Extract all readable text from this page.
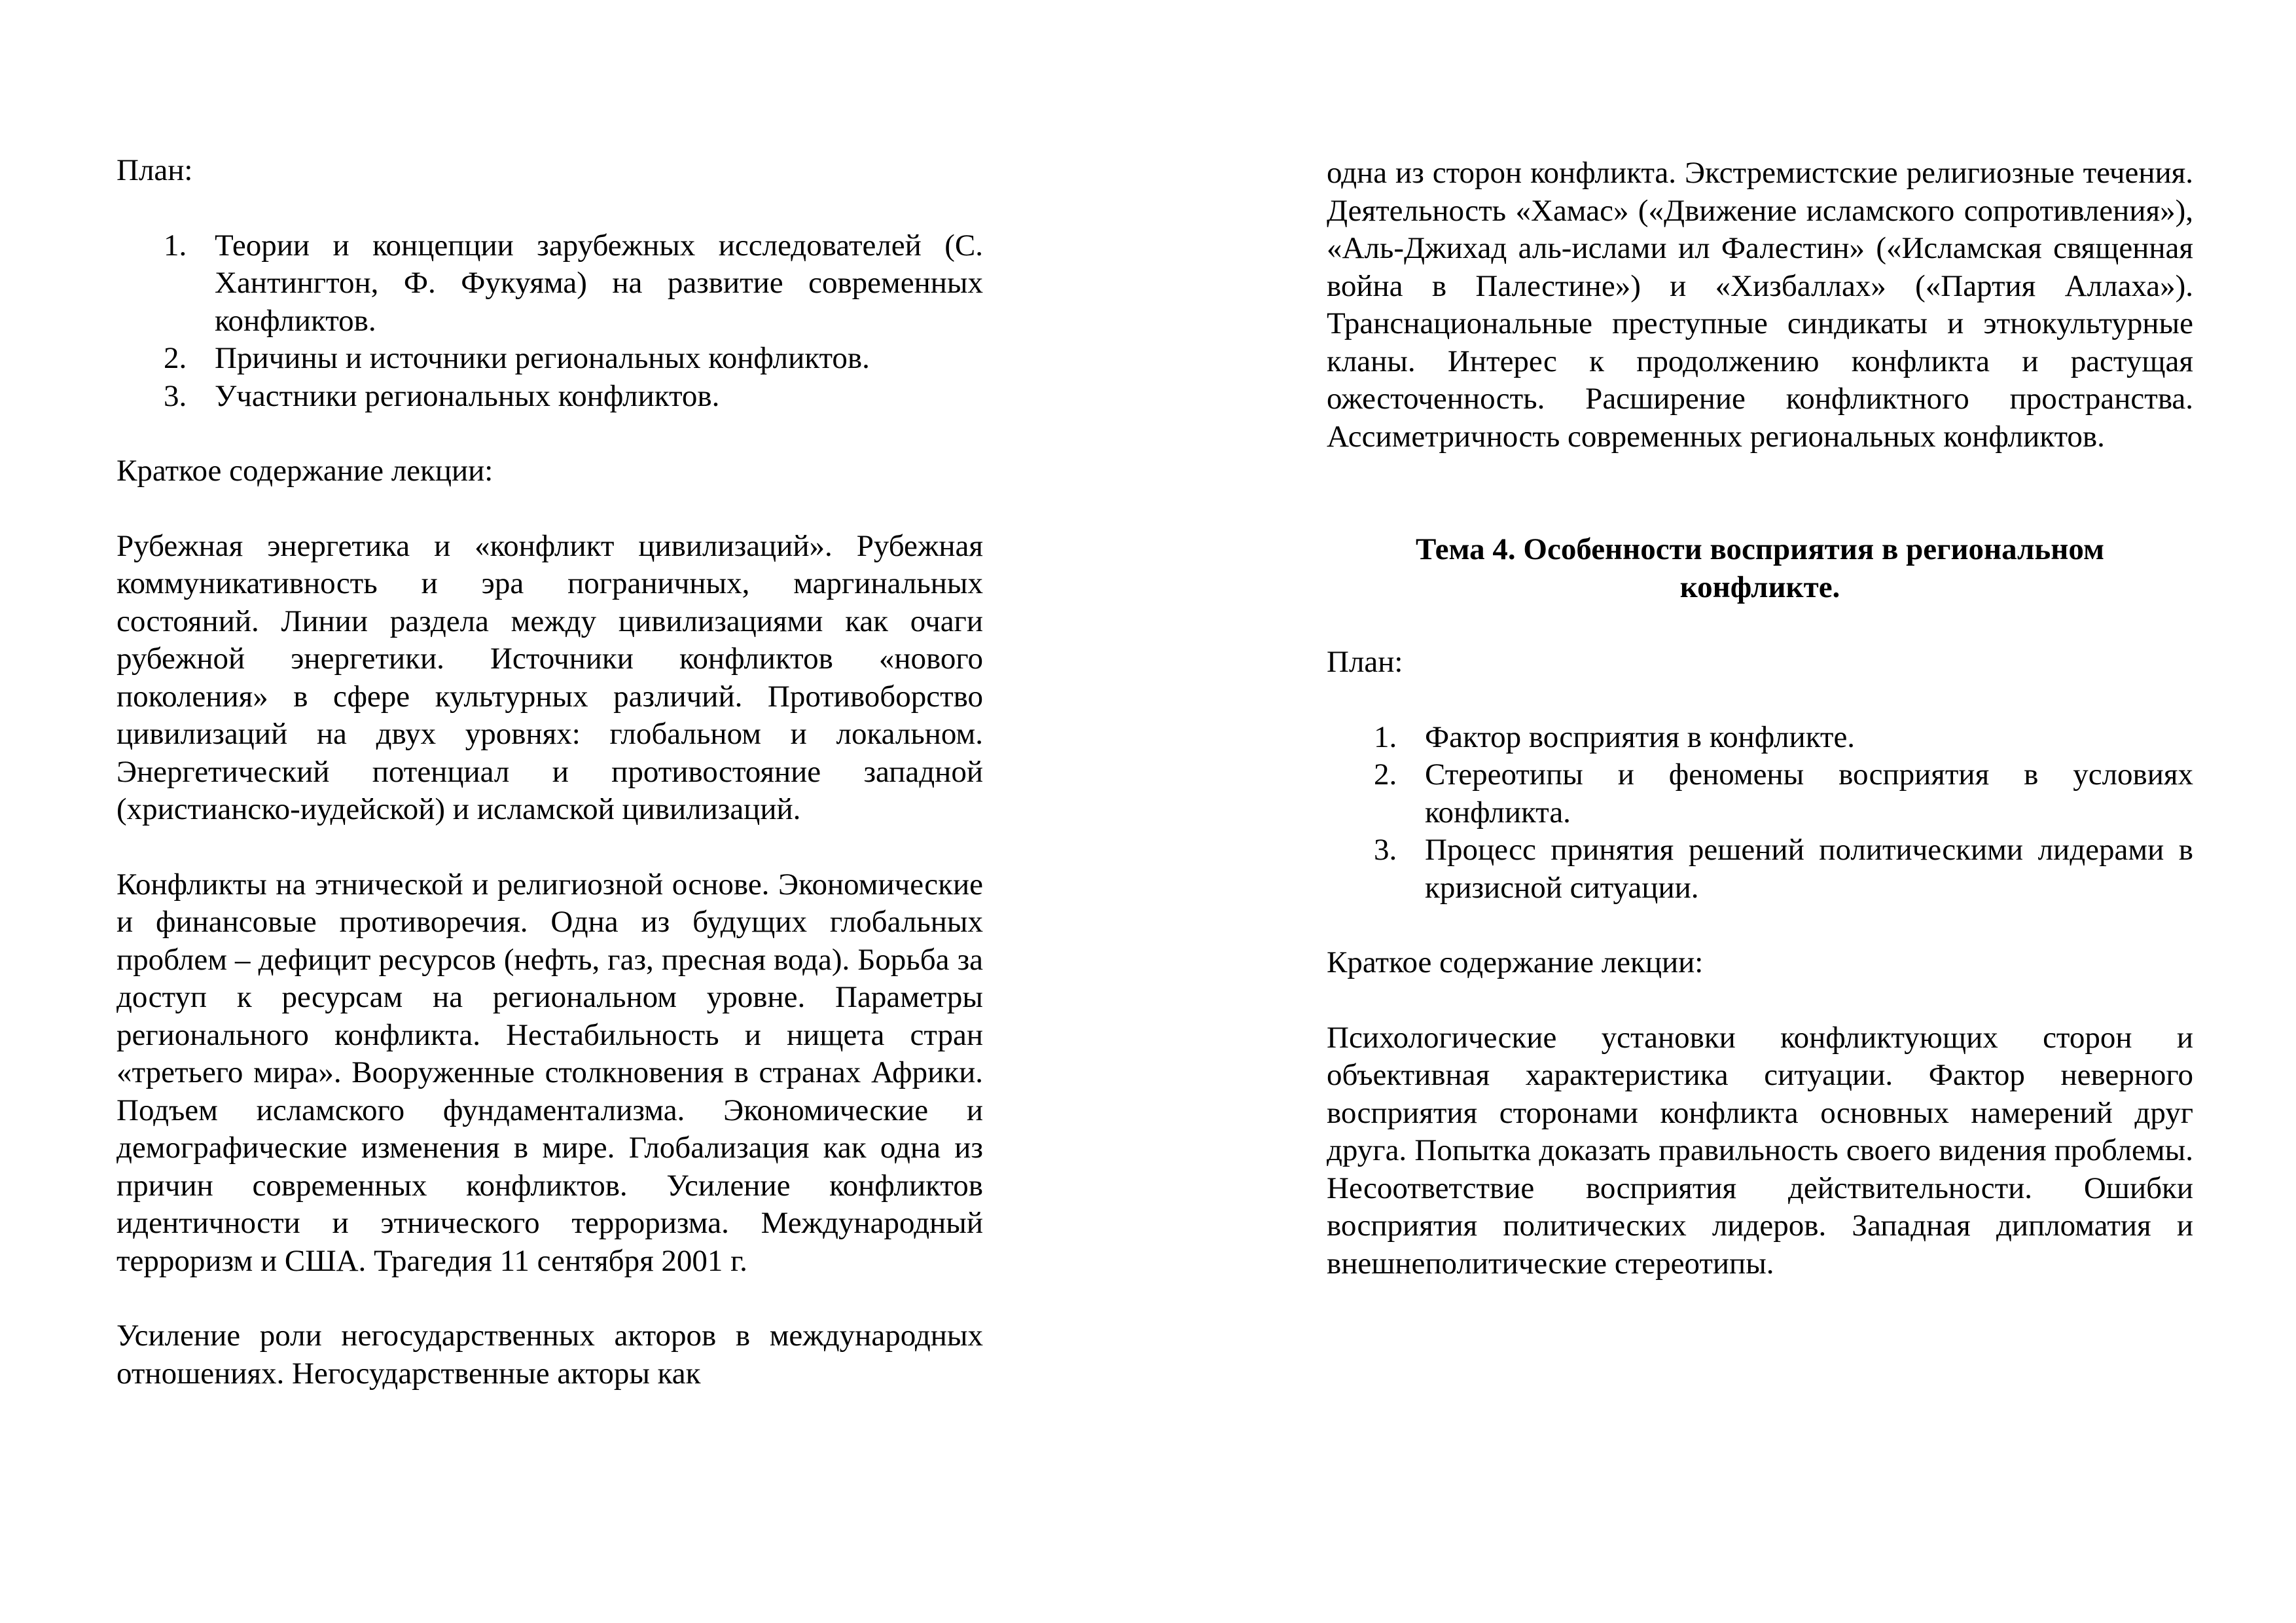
План:

1. Теории и концепции зарубежных исследователей (С. Хантингтон, Ф. Фукуяма) на развитие современных конфликтов.
2. Причины и источники региональных конфликтов.
3. Участники региональных конфликтов.

Краткое содержание лекции:

Рубежная энергетика и «конфликт цивилизаций». Рубежная коммуникативность и эра пограничных, маргинальных состояний. Линии раздела между цивилизациями как очаги рубежной энергетики. Источники конфликтов «нового поколения» в сфере культурных различий. Противоборство цивилизаций на двух уровнях: глобальном и локальном. Энергетический потенциал и противостояние западной (христианско-иудейской) и исламской цивилизаций.

Конфликты на этнической и религиозной основе. Экономические и финансовые противоречия. Одна из будущих глобальных проблем – дефицит ресурсов (нефть, газ, пресная вода). Борьба за доступ к ресурсам на региональном уровне. Параметры регионального конфликта. Нестабильность и нищета стран «третьего мира». Вооруженные столкновения в странах Африки. Подъем исламского фундаментализма. Экономические и демографические изменения в мире. Глобализация как одна из причин современных конфликтов. Усиление конфликтов идентичности и этнического терроризма. Международный терроризм и США. Трагедия 11 сентября 2001 г.

Усиление роли негосударственных акторов в международных отношениях. Негосударственные акторы как

одна из сторон конфликта. Экстремистские религиозные течения. Деятельность «Хамас» («Движение исламского сопротивления»), «Аль-Джихад аль-ислами ил Фалестин» («Исламская священная война в Палестине») и «Хизбаллах» («Партия Аллаха»). Транснациональные преступные синдикаты и этнокультурные кланы. Интерес к продолжению конфликта и растущая ожесточенность. Расширение конфликтного пространства. Ассиметричность современных региональных конфликтов.

Тема 4. Особенности восприятия в региональном конфликте.

План:

1. Фактор восприятия в конфликте.
2. Стереотипы и феномены восприятия в условиях конфликта.
3. Процесс принятия решений политическими лидерами в кризисной ситуации.

Краткое содержание лекции:

Психологические установки конфликтующих сторон и объективная характеристика ситуации. Фактор неверного восприятия сторонами конфликта основных намерений друг друга. Попытка доказать правильность своего видения проблемы. Несоответствие восприятия действительности. Ошибки восприятия политических лидеров. Западная дипломатия и внешнеполитические стереотипы.
